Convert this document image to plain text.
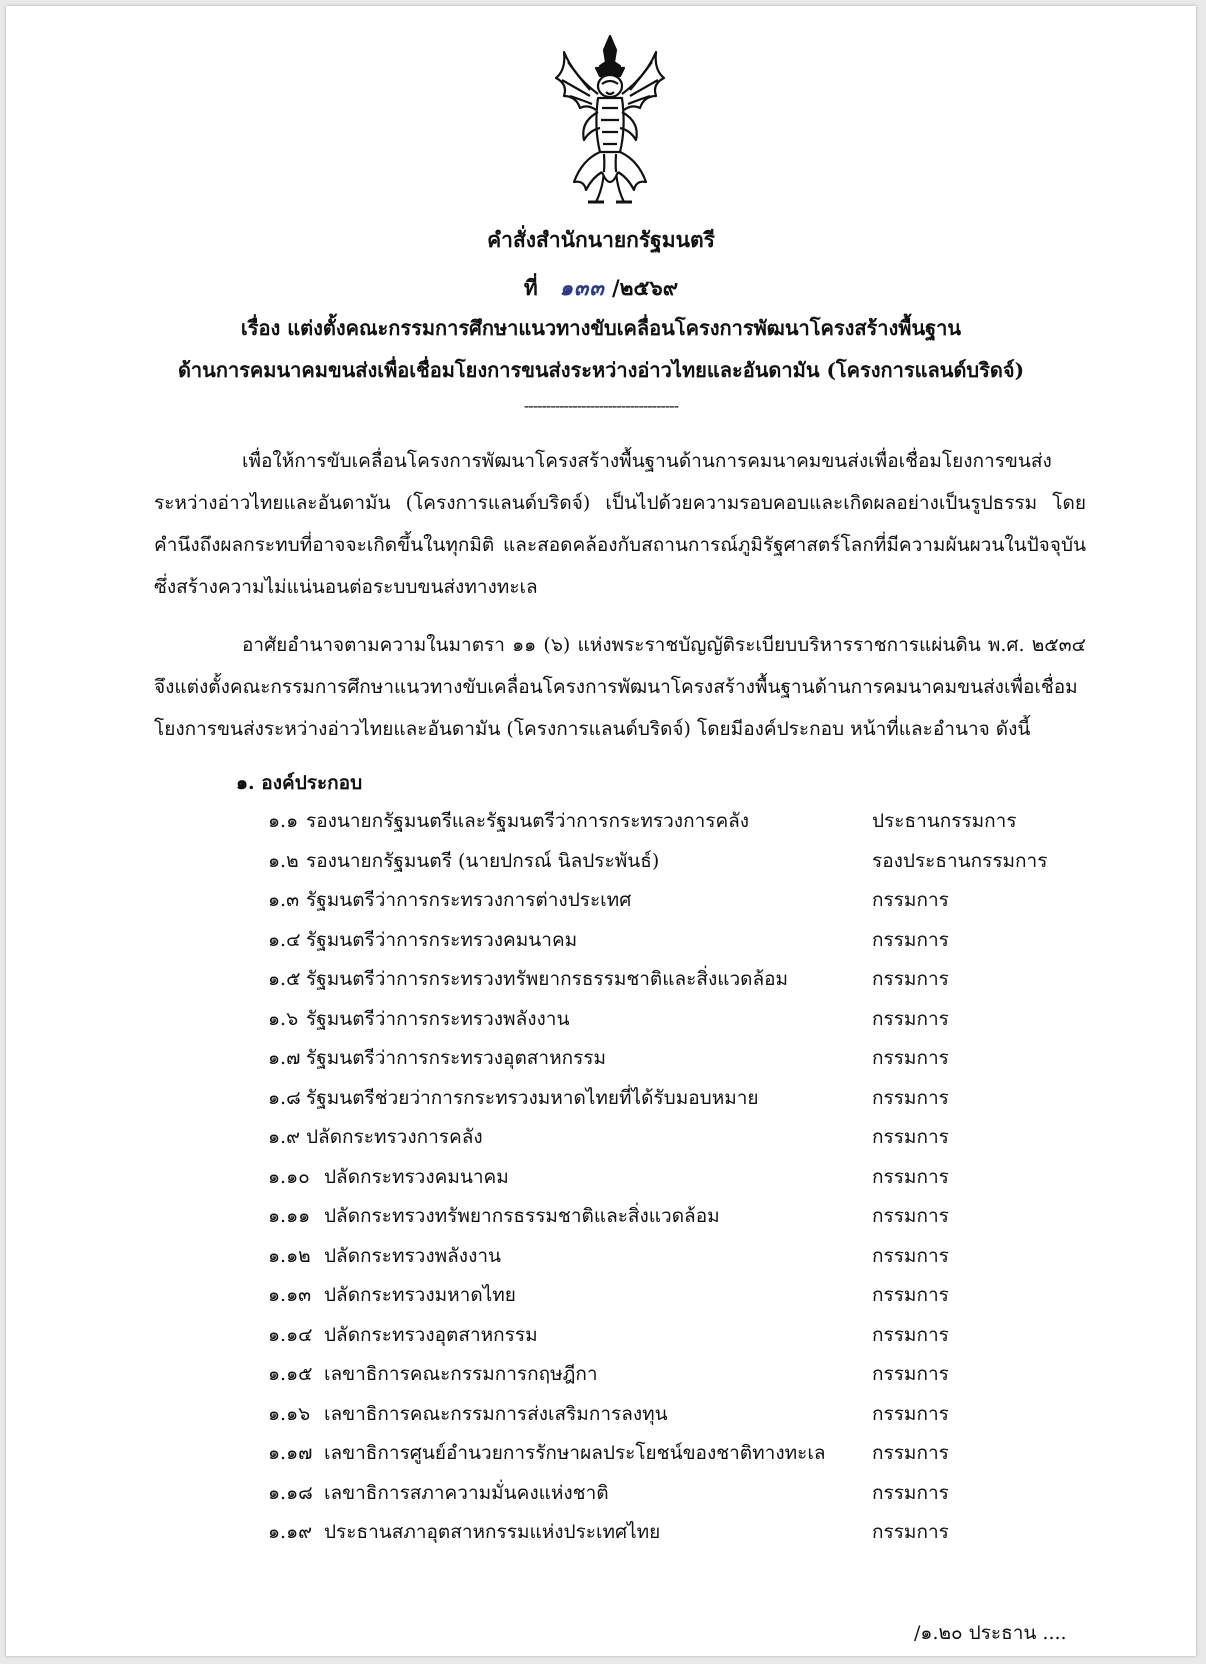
คำสั่งสำนักนายกรัฐมนตรี
ที่ ๑๓๓ /๒๕๖๙
เรื่อง แต่งตั้งคณะกรรมการศึกษาแนวทางขับเคลื่อนโครงการพัฒนาโครงสร้างพื้นฐาน
ด้านการคมนาคมขนส่งเพื่อเชื่อมโยงการขนส่งระหว่างอ่าวไทยและอันดามัน (โครงการแลนด์บริดจ์)
-----------------------------------
เพื่อให้การขับเคลื่อนโครงการพัฒนาโครงสร้างพื้นฐานด้านการคมนาคมขนส่งเพื่อเชื่อมโยงการขนส่งระหว่างอ่าวไทยและอันดามัน (โครงการแลนด์บริดจ์) เป็นไปด้วยความรอบคอบและเกิดผลอย่างเป็นรูปธรรม โดยคำนึงถึงผลกระทบที่อาจจะเกิดขึ้นในทุกมิติ และสอดคล้องกับสถานการณ์ภูมิรัฐศาสตร์โลกที่มีความผันผวนในปัจจุบัน ซึ่งสร้างความไม่แน่นอนต่อระบบขนส่งทางทะเล
อาศัยอำนาจตามความในมาตรา ๑๑ (๖) แห่งพระราชบัญญัติระเบียบบริหารราชการแผ่นดิน พ.ศ. ๒๕๓๔ จึงแต่งตั้งคณะกรรมการศึกษาแนวทางขับเคลื่อนโครงการพัฒนาโครงสร้างพื้นฐานด้านการคมนาคมขนส่งเพื่อเชื่อมโยงการขนส่งระหว่างอ่าวไทยและอันดามัน (โครงการแลนด์บริดจ์) โดยมีองค์ประกอบ หน้าที่และอำนาจ ดังนี้
๑. องค์ประกอบ
๑.๑ รองนายกรัฐมนตรีและรัฐมนตรีว่าการกระทรวงการคลัง	ประธานกรรมการ
๑.๒ รองนายกรัฐมนตรี (นายปกรณ์ นิลประพันธ์)	รองประธานกรรมการ
๑.๓ รัฐมนตรีว่าการกระทรวงการต่างประเทศ	กรรมการ
๑.๔ รัฐมนตรีว่าการกระทรวงคมนาคม	กรรมการ
๑.๕ รัฐมนตรีว่าการกระทรวงทรัพยากรธรรมชาติและสิ่งแวดล้อม	กรรมการ
๑.๖ รัฐมนตรีว่าการกระทรวงพลังงาน	กรรมการ
๑.๗ รัฐมนตรีว่าการกระทรวงอุตสาหกรรม	กรรมการ
๑.๘ รัฐมนตรีช่วยว่าการกระทรวงมหาดไทยที่ได้รับมอบหมาย	กรรมการ
๑.๙ ปลัดกระทรวงการคลัง	กรรมการ
๑.๑๐ ปลัดกระทรวงคมนาคม	กรรมการ
๑.๑๑ ปลัดกระทรวงทรัพยากรธรรมชาติและสิ่งแวดล้อม	กรรมการ
๑.๑๒ ปลัดกระทรวงพลังงาน	กรรมการ
๑.๑๓ ปลัดกระทรวงมหาดไทย	กรรมการ
๑.๑๔ ปลัดกระทรวงอุตสาหกรรม	กรรมการ
๑.๑๕ เลขาธิการคณะกรรมการกฤษฎีกา	กรรมการ
๑.๑๖ เลขาธิการคณะกรรมการส่งเสริมการลงทุน	กรรมการ
๑.๑๗ เลขาธิการศูนย์อำนวยการรักษาผลประโยชน์ของชาติทางทะเล กรรมการ
๑.๑๘ เลขาธิการสภาความมั่นคงแห่งชาติ	กรรมการ
๑.๑๙ ประธานสภาอุตสาหกรรมแห่งประเทศไทย	กรรมการ
/๑.๒๐ ประธาน ....
